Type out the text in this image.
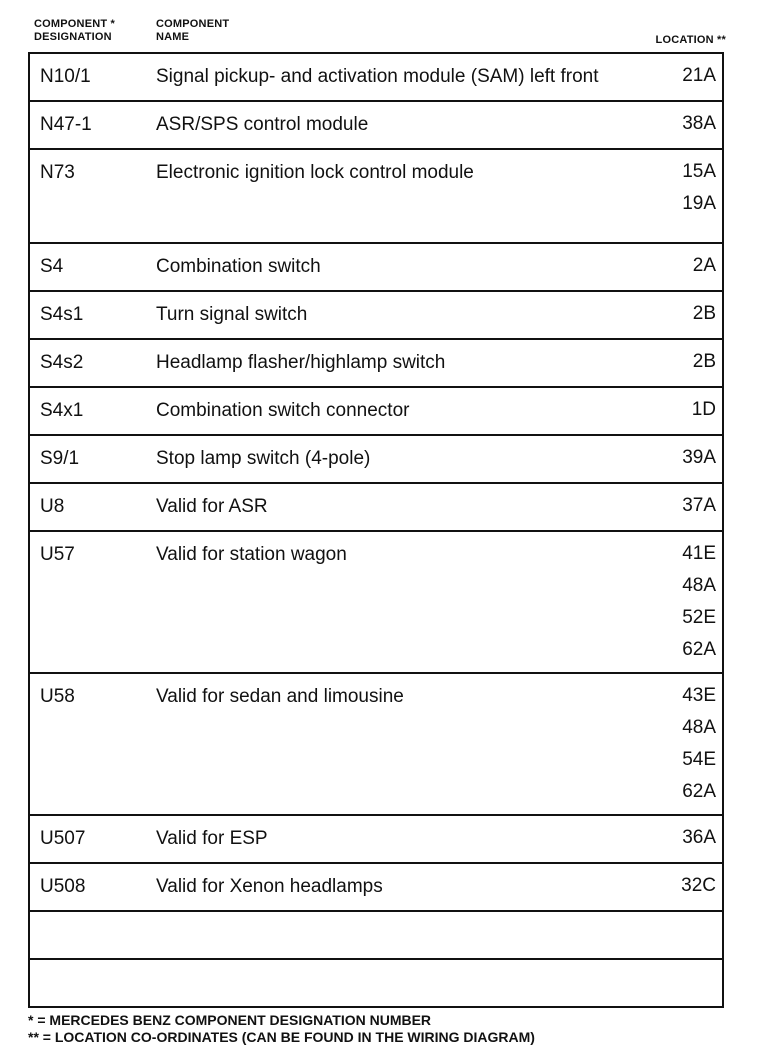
COMPONENT *
DESIGNATION
COMPONENT
NAME	LOCATION **
N10/1	Signal pickup- and activation module (SAM) left front	21A
N47-1	ASR/SPS control module	38A
N73	Electronic ignition lock control module	15A
19A
S4	Combination switch	2A
S4s1	Turn signal switch	2B
S4s2	Headlamp flasher/highlamp switch	2B
S4x1	Combination switch connector	1D
S9/1	Stop lamp switch (4-pole)	39A
U8	Valid for ASR	37A
U57	Valid for station wagon	41E
48A
52E
62A
U58	Valid for sedan and limousine	43E
48A
54E
62A
U507	Valid for ESP	36A
U508	Valid for Xenon headlamps	32C
* = MERCEDES BENZ COMPONENT DESIGNATION NUMBER
** = LOCATION CO-ORDINATES (CAN BE FOUND IN THE WIRING DIAGRAM)
